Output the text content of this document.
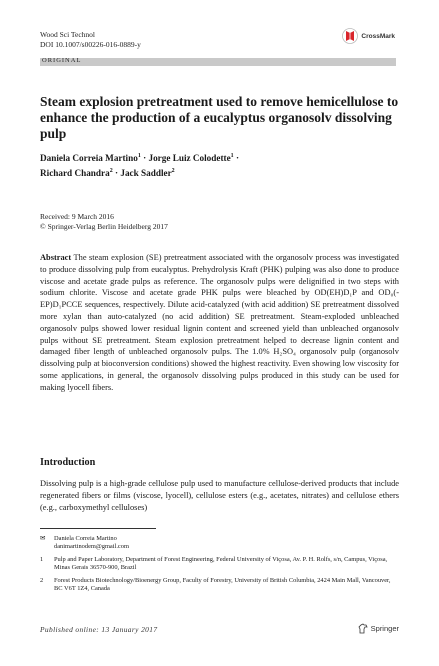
Wood Sci Technol
DOI 10.1007/s00226-016-0889-y
CrossMark
ORIGINAL
Steam explosion pretreatment used to remove hemicellulose to enhance the production of a eucalyptus organosolv dissolving pulp
Daniela Correia Martino$^1$ · Jorge Luiz Colodette$^1$ ·
Richard Chandra$^2$ · Jack Saddler$^2$
Received: 9 March 2016
© Springer-Verlag Berlin Heidelberg 2017

Abstract The steam explosion (SE) pretreatment associated with the organosolv process was investigated to produce dissolving pulp from eucalyptus. Prehydrolysis Kraft (PHK) pulping was also done to produce viscose and acetate grade pulps as reference. The organosolv pulps were delignified in two steps with sodium chlorite. Viscose and acetate grade PHK pulps were bleached by OD(EH)D₁P and OD₀(-EP)D₁PCCE sequences, respectively. Dilute acid-catalyzed (with acid addition) SE pretreatment dissolved more xylan than auto-catalyzed (no acid addition) SE pretreatment. Steam-exploded unbleached organosolv pulps showed lower residual lignin content and screened yield than unbleached organosolv pulps without SE pretreatment. Steam explosion pretreatment helped to decrease lignin content and damaged fiber length of unbleached organosolv pulps. The 1.0% H₂SO₄ organosolv pulp (organosolv dissolving pulp at bioconversion conditions) showed the highest reactivity. Even showing low viscosity for some applications, in general, the organosolv dissolving pulps produced in this study can be used for making lyocell fibers.

Introduction

Dissolving pulp is a high-grade cellulose pulp used to manufacture cellulose-derived products that include regenerated fibers or films (viscose, lyocell), cellulose esters (e.g., acetates, nitrates) and cellulose ethers (e.g., carboxymethyl celluloses)

✉	Daniela Correia Martino
danimartinodem@gmail.com
1	Pulp and Paper Laboratory, Department of Forest Engineering, Federal University of Viçosa, Av. P. H. Rolfs, s/n, Campus, Viçosa, Minas Gerais 36570-900, Brazil
2	Forest Products Biotechnology/Bioenergy Group, Faculty of Forestry, University of British Columbia, 2424 Main Mall, Vancouver, BC V6T 1Z4, Canada
Published online: 13 January 2017	Springer
